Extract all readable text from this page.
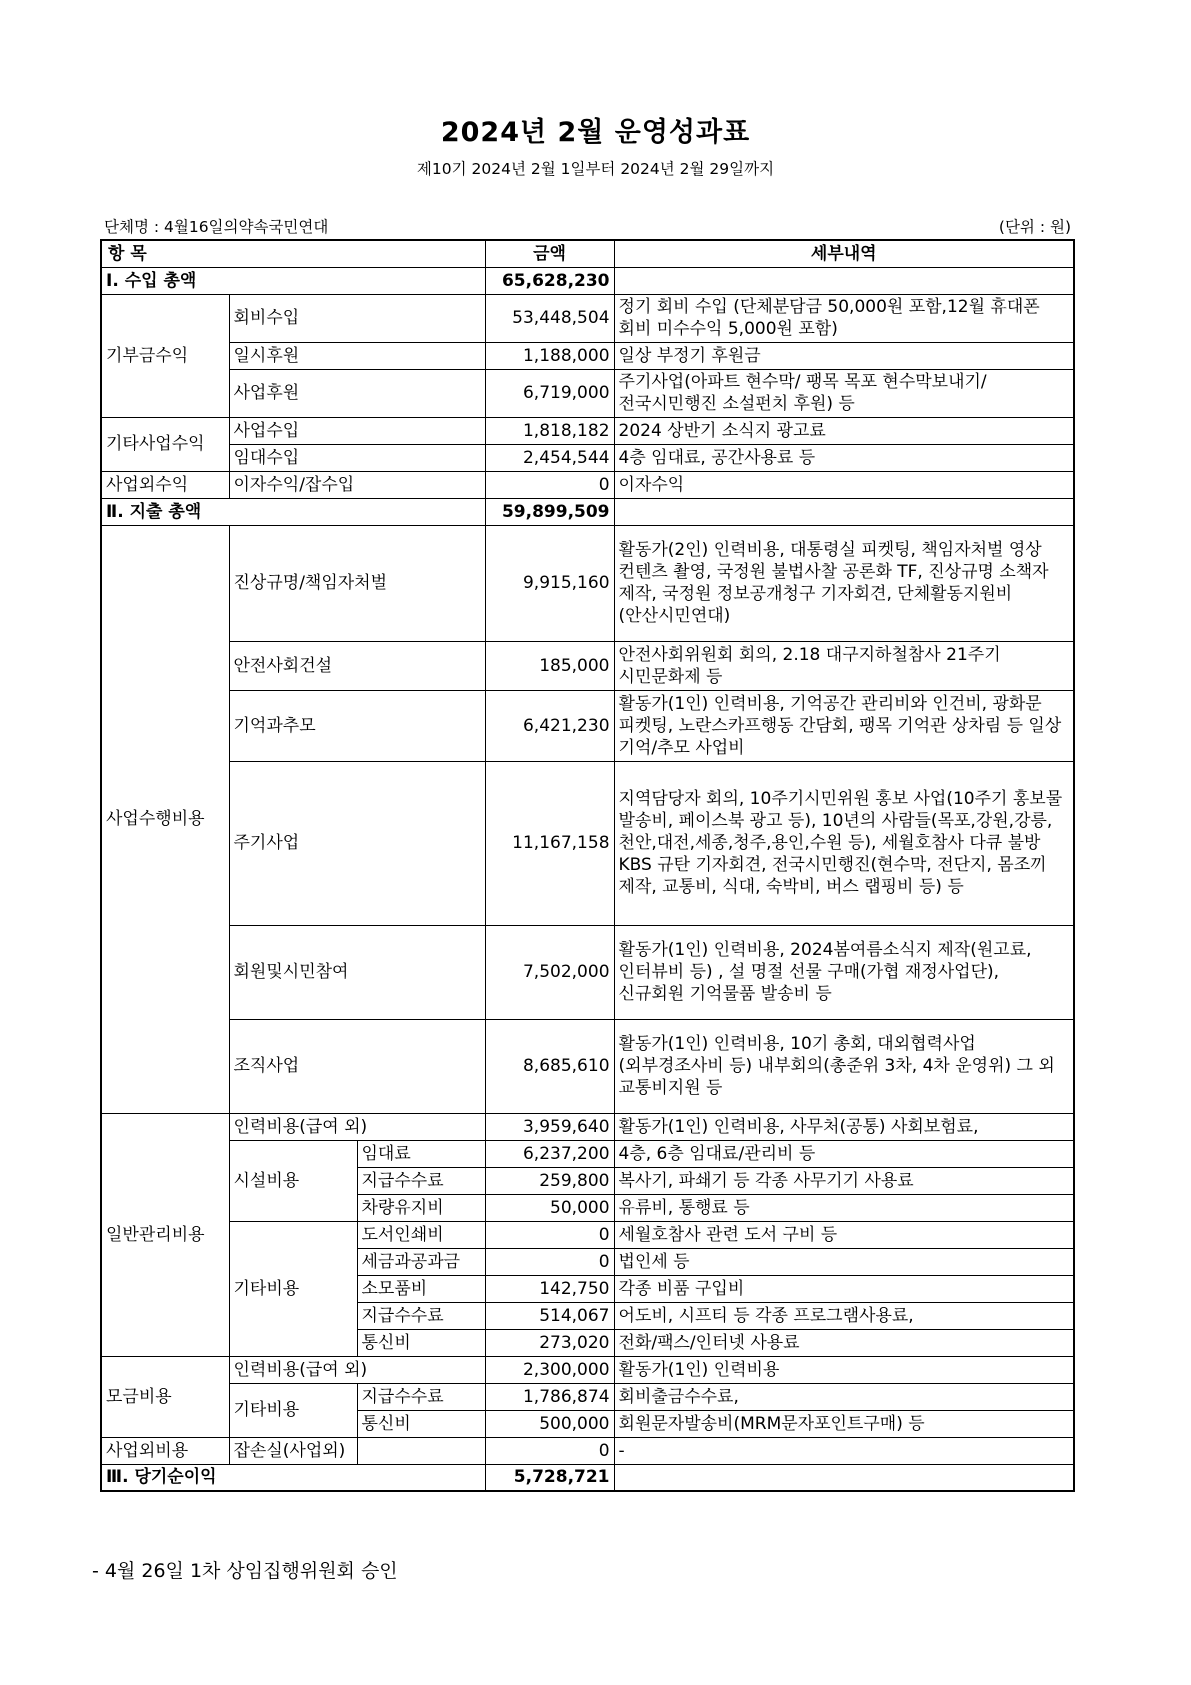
2024년 2월 운영성과표
제10기 2024년 2월 1일부터 2024년 2월 29일까지
단체명 : 4월16일의약속국민연대	(단위 : 원)
항 목			금액	세부내역
Ⅰ. 수입 총액			65,628,230	
기부금수익	회비수입		53,448,504	정기 회비 수입 (단체분담금 50,000원 포함,12월 휴대폰 회비 미수수익 5,000원 포함)
	일시후원		1,188,000	일상 부정기 후원금
	사업후원		6,719,000	주기사업(아파트 현수막/ 팽목 목포 현수막보내기/전국시민행진 소설펀치 후원) 등
기타사업수익	사업수입		1,818,182	2024 상반기 소식지 광고료
	임대수입		2,454,544	4층 임대료, 공간사용료 등
사업외수익	이자수익/잡수입		0	이자수익
Ⅱ. 지출 총액			59,899,509	
사업수행비용	진상규명/책임자처벌		9,915,160	활동가(2인) 인력비용, 대통령실 피켓팅, 책임자처벌 영상 컨텐츠 촬영, 국정원 불법사찰 공론화 TF, 진상규명 소책자 제작, 국정원 정보공개청구 기자회견, 단체활동지원비(안산시민연대)
	안전사회건설		185,000	안전사회위원회 회의, 2.18 대구지하철참사 21주기 시민문화제 등
	기억과추모		6,421,230	활동가(1인) 인력비용, 기억공간 관리비와 인건비, 광화문 피켓팅, 노란스카프행동 간담회, 팽목 기억관 상차림 등 일상 기억/추모 사업비
	주기사업		11,167,158	지역담당자 회의, 10주기시민위원 홍보 사업(10주기 홍보물 발송비, 페이스북 광고 등), 10년의 사람들(목포,강원,강릉,천안,대전,세종,청주,용인,수원 등), 세월호참사 다큐 불방 KBS 규탄 기자회견, 전국시민행진(현수막, 전단지, 몸조끼 제작, 교통비, 식대, 숙박비, 버스 랩핑비 등) 등
	회원및시민참여		7,502,000	활동가(1인) 인력비용, 2024봄여름소식지 제작(원고료, 인터뷰비 등) , 설 명절 선물 구매(가협 재정사업단), 신규회원 기억물품 발송비 등
	조직사업		8,685,610	활동가(1인) 인력비용, 10기 총회, 대외협력사업(외부경조사비 등) 내부회의(총준위 3차, 4차 운영위) 그 외 교통비지원 등
일반관리비용	인력비용(급여 외)		3,959,640	활동가(1인) 인력비용, 사무처(공통) 사회보험료,
	시설비용	임대료	6,237,200	4층, 6층 임대료/관리비 등
		지급수수료	259,800	복사기, 파쇄기 등 각종 사무기기 사용료
		차량유지비	50,000	유류비, 통행료 등
	기타비용	도서인쇄비	0	세월호참사 관련 도서 구비 등
		세금과공과금	0	법인세 등
		소모품비	142,750	각종 비품 구입비
		지급수수료	514,067	어도비, 시프티 등 각종 프로그램사용료,
		통신비	273,020	전화/팩스/인터넷 사용료
모금비용	인력비용(급여 외)		2,300,000	활동가(1인) 인력비용
	기타비용	지급수수료	1,786,874	회비출금수수료,
		통신비	500,000	회원문자발송비(MRM문자포인트구매) 등
사업외비용	잡손실(사업외)		0	-
Ⅲ. 당기순이익			5,728,721	
- 4월 26일 1차 상임집행위원회 승인
